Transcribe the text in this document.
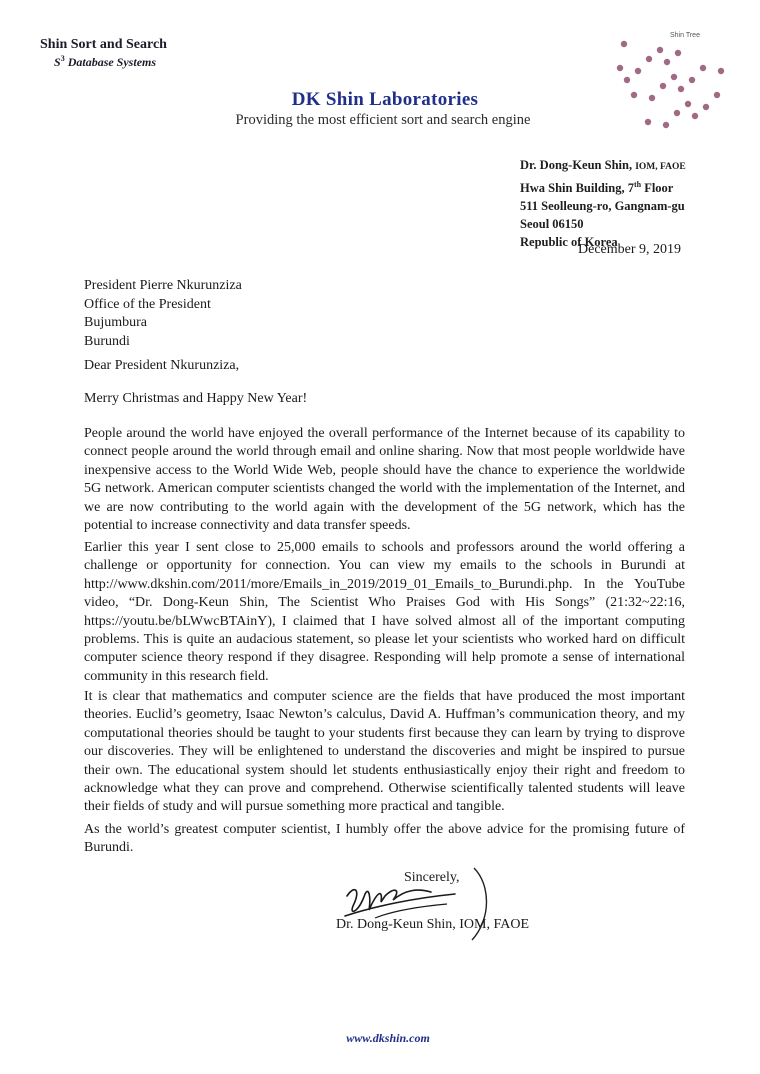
Shin Sort and Search
$S^3$ Database Systems
DK Shin Laboratories
Providing the most efficient sort and search engine
Shin Tree
Dr. Dong-Keun Shin, IOM, FAOE
Hwa Shin Building, 7th Floor
511 Seolleung-ro, Gangnam-gu
Seoul 06150
Republic of Korea
December 9, 2019
President Pierre Nkurunziza
Office of the President
Bujumbura
Burundi
Dear President Nkurunziza,
Merry Christmas and Happy New Year!
People around the world have enjoyed the overall performance of the Internet because of its capability to connect people around the world through email and online sharing. Now that most people worldwide have inexpensive access to the World Wide Web, people should have the chance to experience the worldwide 5G network. American computer scientists changed the world with the implementation of the Internet, and we are now contributing to the world again with the development of the 5G network, which has the potential to increase connectivity and data transfer speeds.
Earlier this year I sent close to 25,000 emails to schools and professors around the world offering a challenge or opportunity for connection. You can view my emails to the schools in Burundi at http://www.dkshin.com/2011/more/Emails_in_2019/2019_01_Emails_to_Burundi.php. In the YouTube video, “Dr. Dong-Keun Shin, The Scientist Who Praises God with His Songs” (21:32~22:16, https://youtu.be/bLWwcBTAinY), I claimed that I have solved almost all of the important computing problems. This is quite an audacious statement, so please let your scientists who worked hard on difficult computer science theory respond if they disagree. Responding will help promote a sense of international community in this research field.
It is clear that mathematics and computer science are the fields that have produced the most important theories. Euclid’s geometry, Isaac Newton’s calculus, David A. Huffman’s communication theory, and my computational theories should be taught to your students first because they can learn by trying to disprove our discoveries. They will be enlightened to understand the discoveries and might be inspired to pursue their own. The educational system should let students enthusiastically enjoy their right and freedom to acknowledge what they can prove and comprehend. Otherwise scientifically talented students will leave their fields of study and will pursue something more practical and tangible.
As the world’s greatest computer scientist, I humbly offer the above advice for the promising future of Burundi.
Sincerely,
Dr. Dong-Keun Shin, IOM, FAOE
www.dkshin.com
